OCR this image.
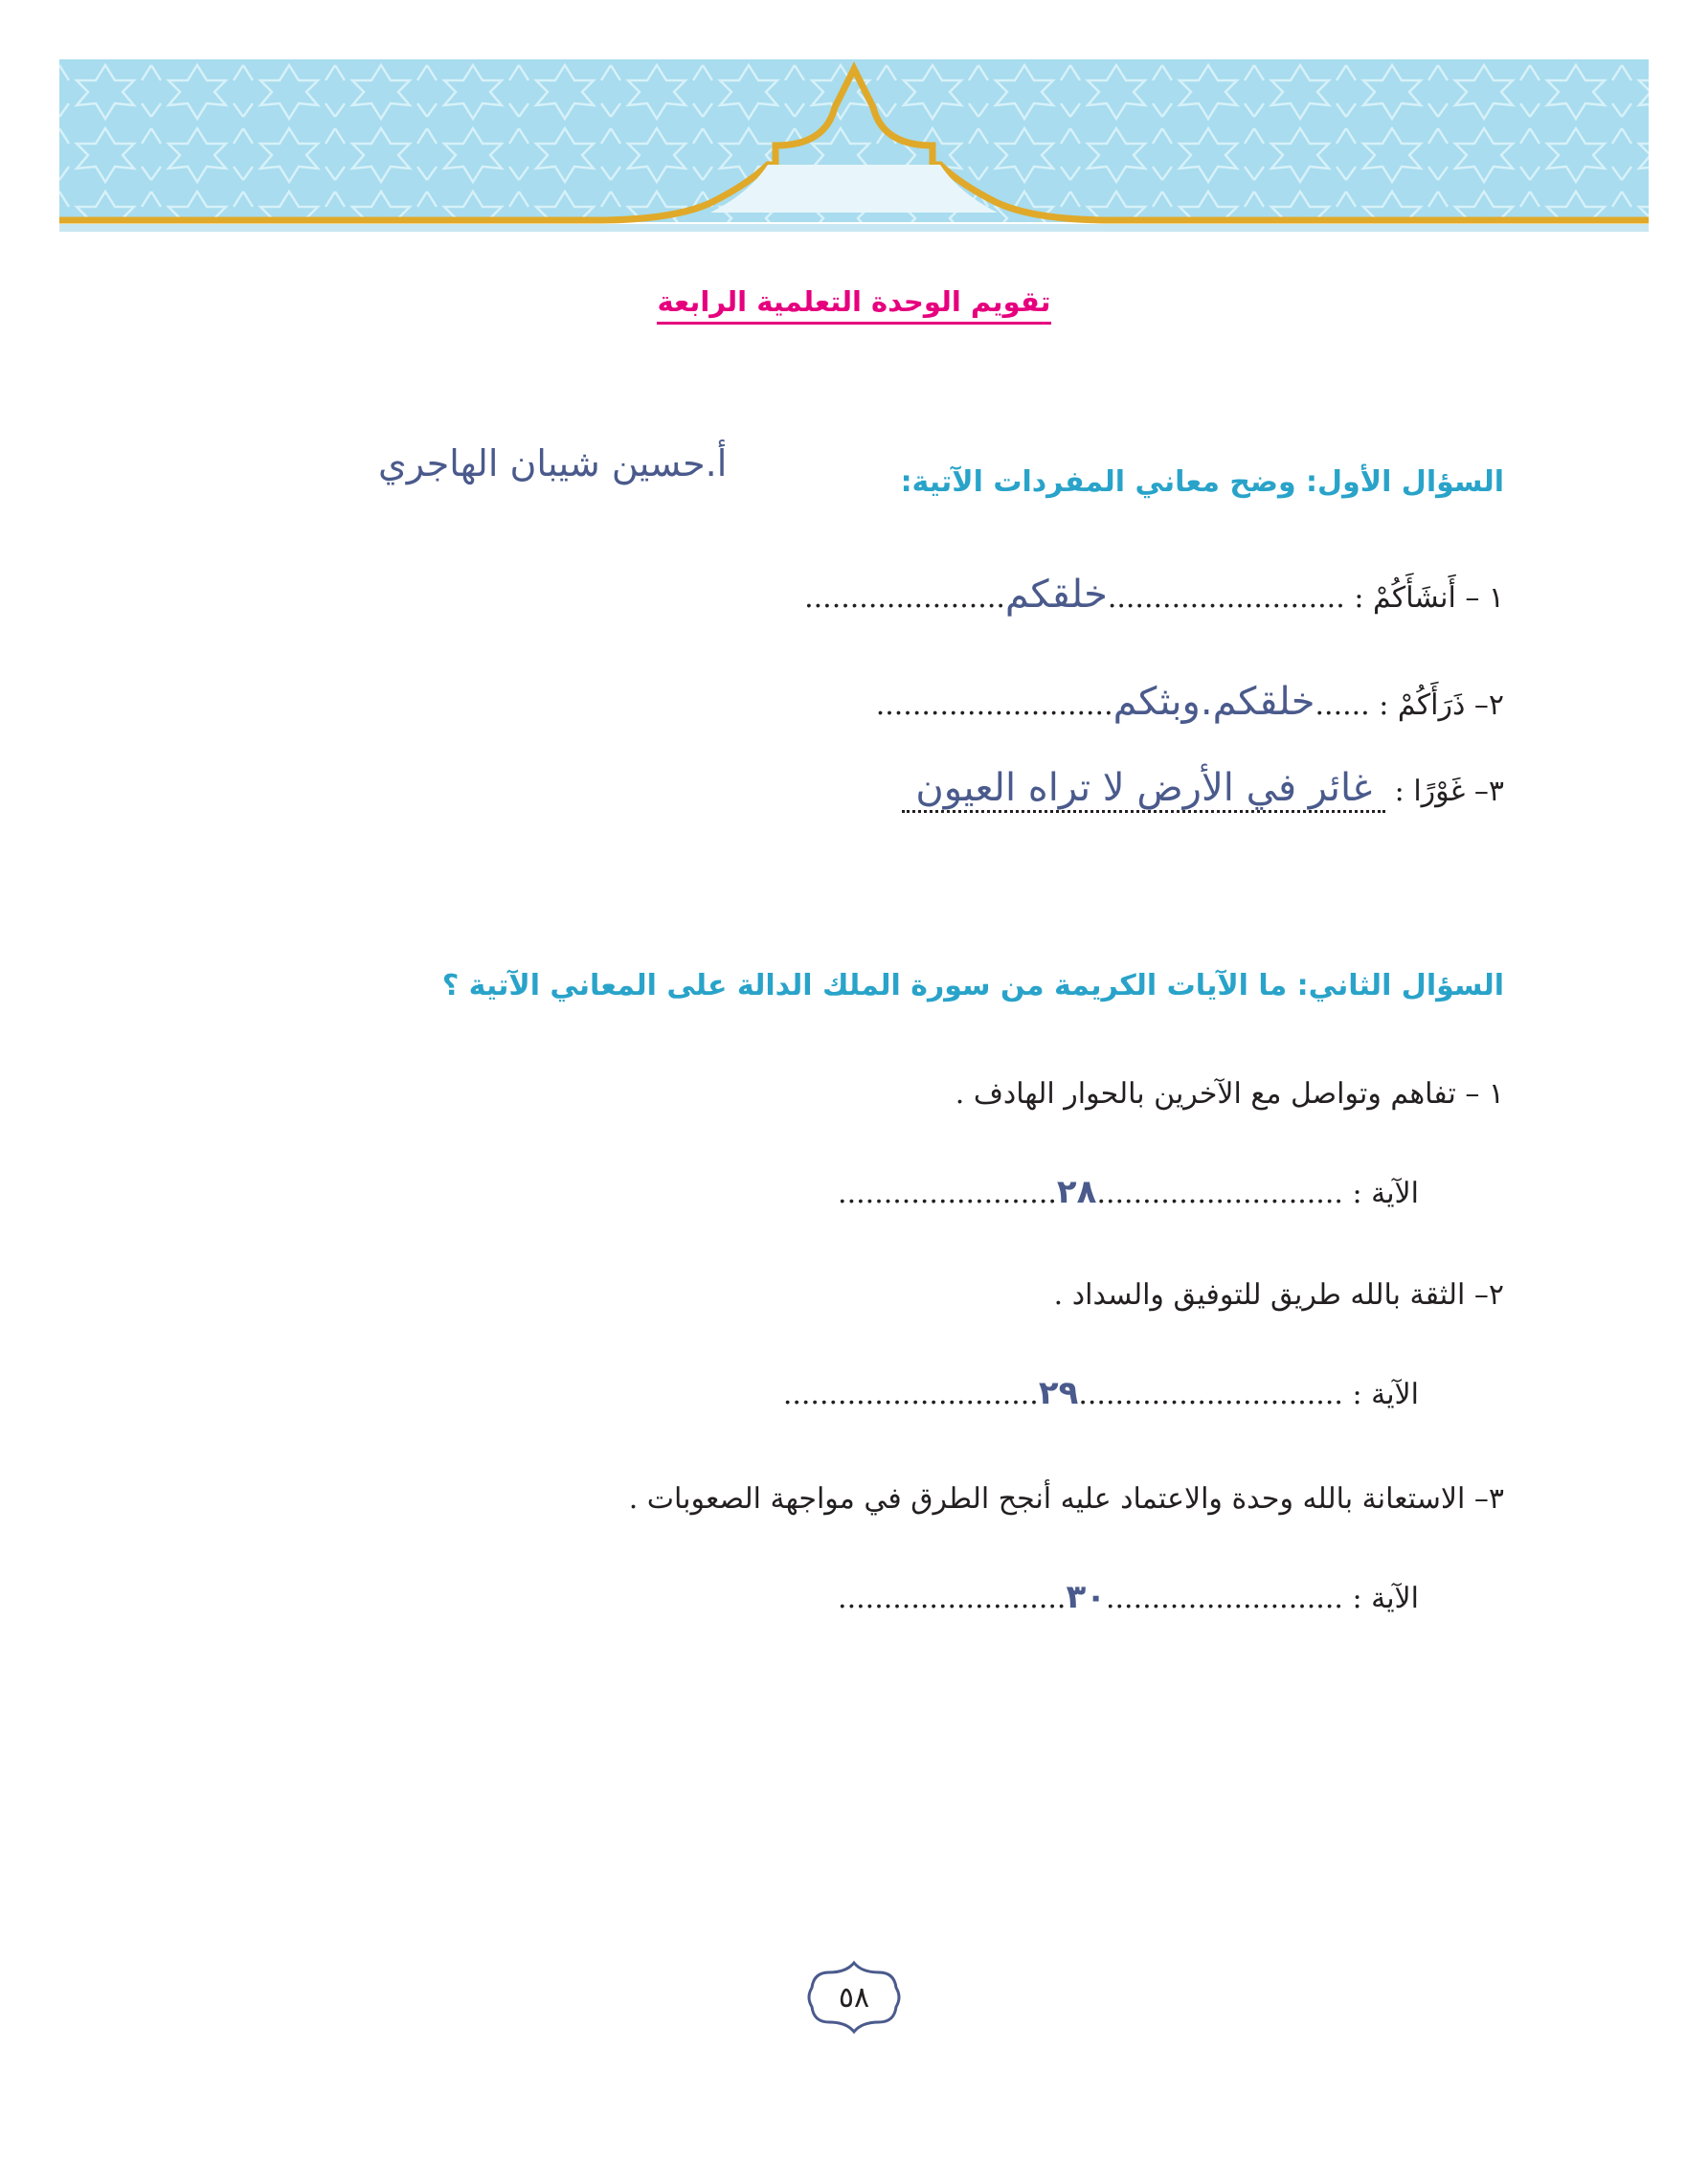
تقويم الوحدة التعلمية الرابعة
أ.حسين شيبان الهاجري	السؤال الأول: وضح معاني المفردات الآتية:
١ – أَنشَأَكُمْ : ..........................خلقكم......................
٢– ذَرَأَكُمْ : ......خلقكم.وبثكم..........................
٣– غَوْرًا : غائر في الأرض لا تراه العيون
السؤال الثاني: ما الآيات الكريمة من سورة الملك الدالة على المعاني الآتية ؟
١ – تفاهم وتواصل مع الآخرين بالحوار الهادف .
الآية : ...........................٢٨........................
٢– الثقة بالله طريق للتوفيق والسداد .
الآية : .............................٢٩............................
٣– الاستعانة بالله وحدة والاعتماد عليه أنجح الطرق في مواجهة الصعوبات .
الآية : ..........................٣٠.........................
٥٨
